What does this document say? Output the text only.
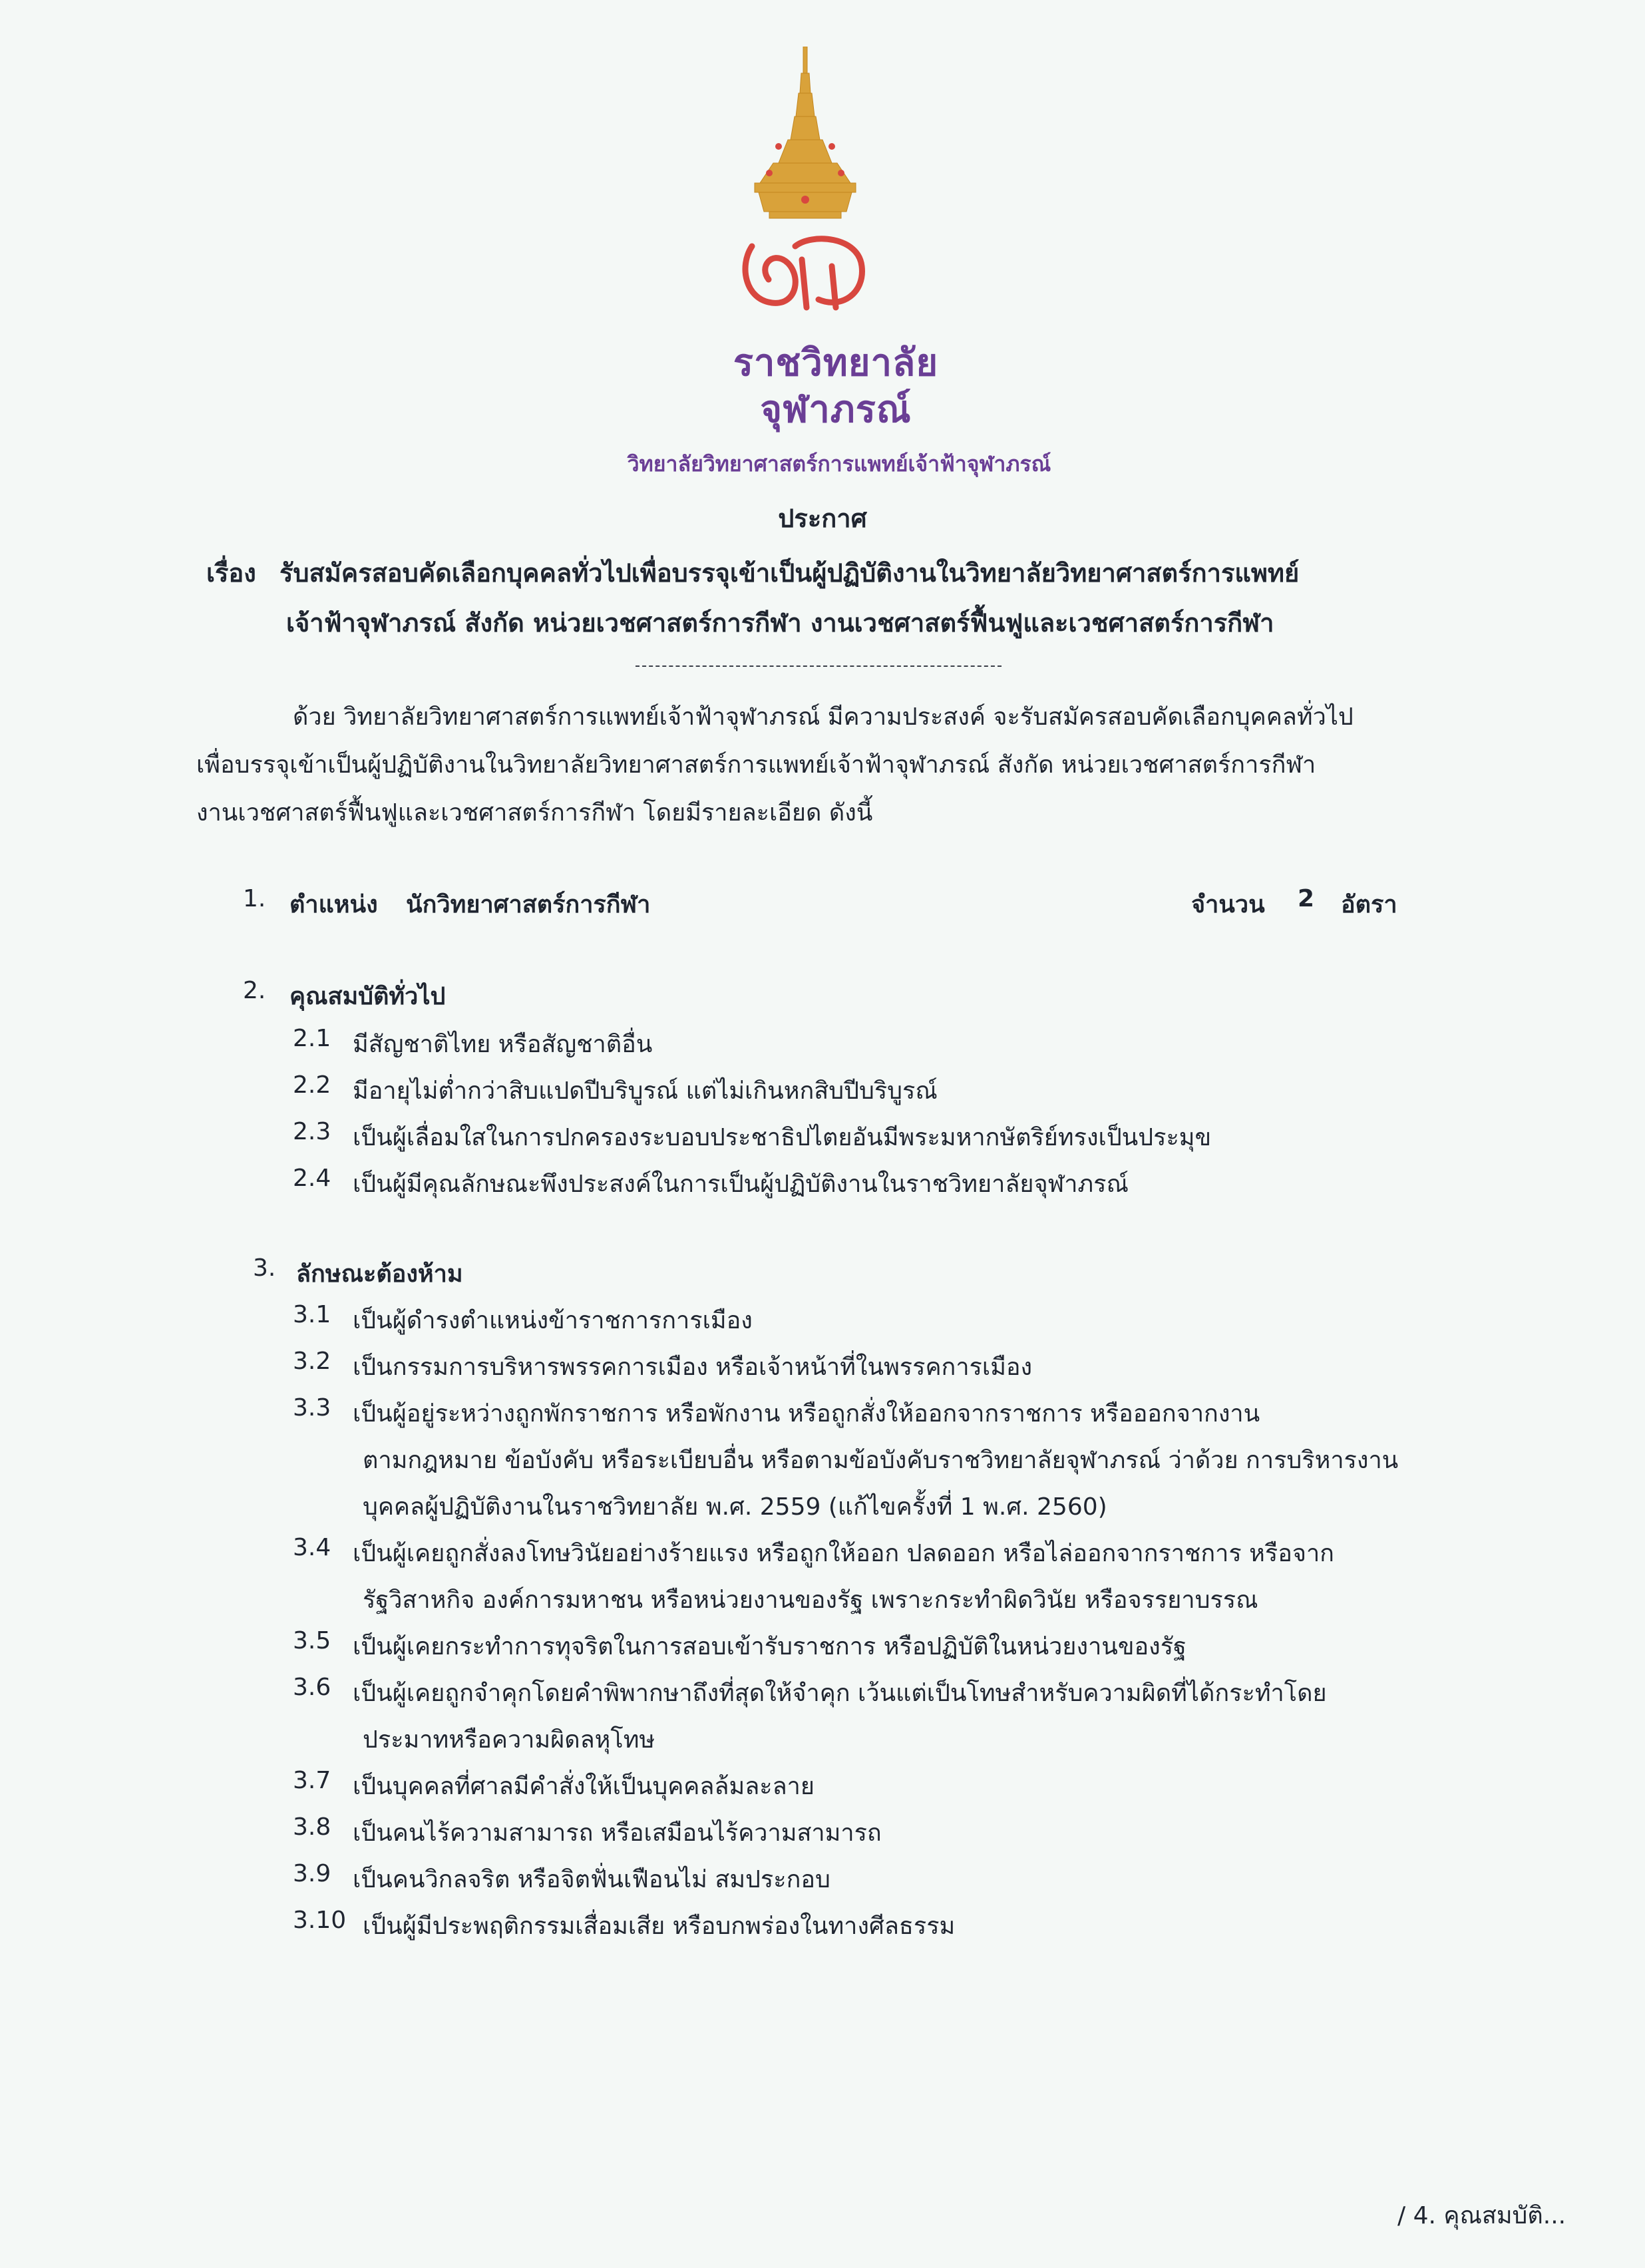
ราชวิทยาลัย
จุฬาภรณ์
วิทยาลัยวิทยาศาสตร์การแพทย์เจ้าฟ้าจุฬาภรณ์
ประกาศ
เรื่อง รับสมัครสอบคัดเลือกบุคคลทั่วไปเพื่อบรรจุเข้าเป็นผู้ปฏิบัติงานในวิทยาลัยวิทยาศาสตร์การแพทย์
เจ้าฟ้าจุฬาภรณ์ สังกัด หน่วยเวชศาสตร์การกีฬา งานเวชศาสตร์ฟื้นฟูและเวชศาสตร์การกีฬา
ด้วย วิทยาลัยวิทยาศาสตร์การแพทย์เจ้าฟ้าจุฬาภรณ์ มีความประสงค์ จะรับสมัครสอบคัดเลือกบุคคลทั่วไป
เพื่อบรรจุเข้าเป็นผู้ปฏิบัติงานในวิทยาลัยวิทยาศาสตร์การแพทย์เจ้าฟ้าจุฬาภรณ์ สังกัด หน่วยเวชศาสตร์การกีฬา
งานเวชศาสตร์ฟื้นฟูและเวชศาสตร์การกีฬา โดยมีรายละเอียด ดังนี้
1. ตำแหน่ง นักวิทยาศาสตร์การกีฬา	จำนวน 2 อัตรา
2. คุณสมบัติทั่วไป
2.1 มีสัญชาติไทย หรือสัญชาติอื่น
2.2 มีอายุไม่ต่ำกว่าสิบแปดปีบริบูรณ์ แต่ไม่เกินหกสิบปีบริบูรณ์
2.3 เป็นผู้เลื่อมใสในการปกครองระบอบประชาธิปไตยอันมีพระมหากษัตริย์ทรงเป็นประมุข
2.4 เป็นผู้มีคุณลักษณะพึงประสงค์ในการเป็นผู้ปฏิบัติงานในราชวิทยาลัยจุฬาภรณ์
3. ลักษณะต้องห้าม
3.1 เป็นผู้ดำรงตำแหน่งข้าราชการการเมือง
3.2 เป็นกรรมการบริหารพรรคการเมือง หรือเจ้าหน้าที่ในพรรคการเมือง
3.3 เป็นผู้อยู่ระหว่างถูกพักราชการ หรือพักงาน หรือถูกสั่งให้ออกจากราชการ หรือออกจากงาน
ตามกฎหมาย ข้อบังคับ หรือระเบียบอื่น หรือตามข้อบังคับราชวิทยาลัยจุฬาภรณ์ ว่าด้วย การบริหารงาน
บุคคลผู้ปฏิบัติงานในราชวิทยาลัย พ.ศ. 2559 (แก้ไขครั้งที่ 1 พ.ศ. 2560)
3.4 เป็นผู้เคยถูกสั่งลงโทษวินัยอย่างร้ายแรง หรือถูกให้ออก ปลดออก หรือไล่ออกจากราชการ หรือจาก
รัฐวิสาหกิจ องค์การมหาชน หรือหน่วยงานของรัฐ เพราะกระทำผิดวินัย หรือจรรยาบรรณ
3.5 เป็นผู้เคยกระทำการทุจริตในการสอบเข้ารับราชการ หรือปฏิบัติในหน่วยงานของรัฐ
3.6 เป็นผู้เคยถูกจำคุกโดยคำพิพากษาถึงที่สุดให้จำคุก เว้นแต่เป็นโทษสำหรับความผิดที่ได้กระทำโดย
ประมาทหรือความผิดลหุโทษ
3.7 เป็นบุคคลที่ศาลมีคำสั่งให้เป็นบุคคลล้มละลาย
3.8 เป็นคนไร้ความสามารถ หรือเสมือนไร้ความสามารถ
3.9 เป็นคนวิกลจริต หรือจิตฟั่นเฟือนไม่ สมประกอบ
3.10 เป็นผู้มีประพฤติกรรมเสื่อมเสีย หรือบกพร่องในทางศีลธรรม
/ 4. คุณสมบัติ...
